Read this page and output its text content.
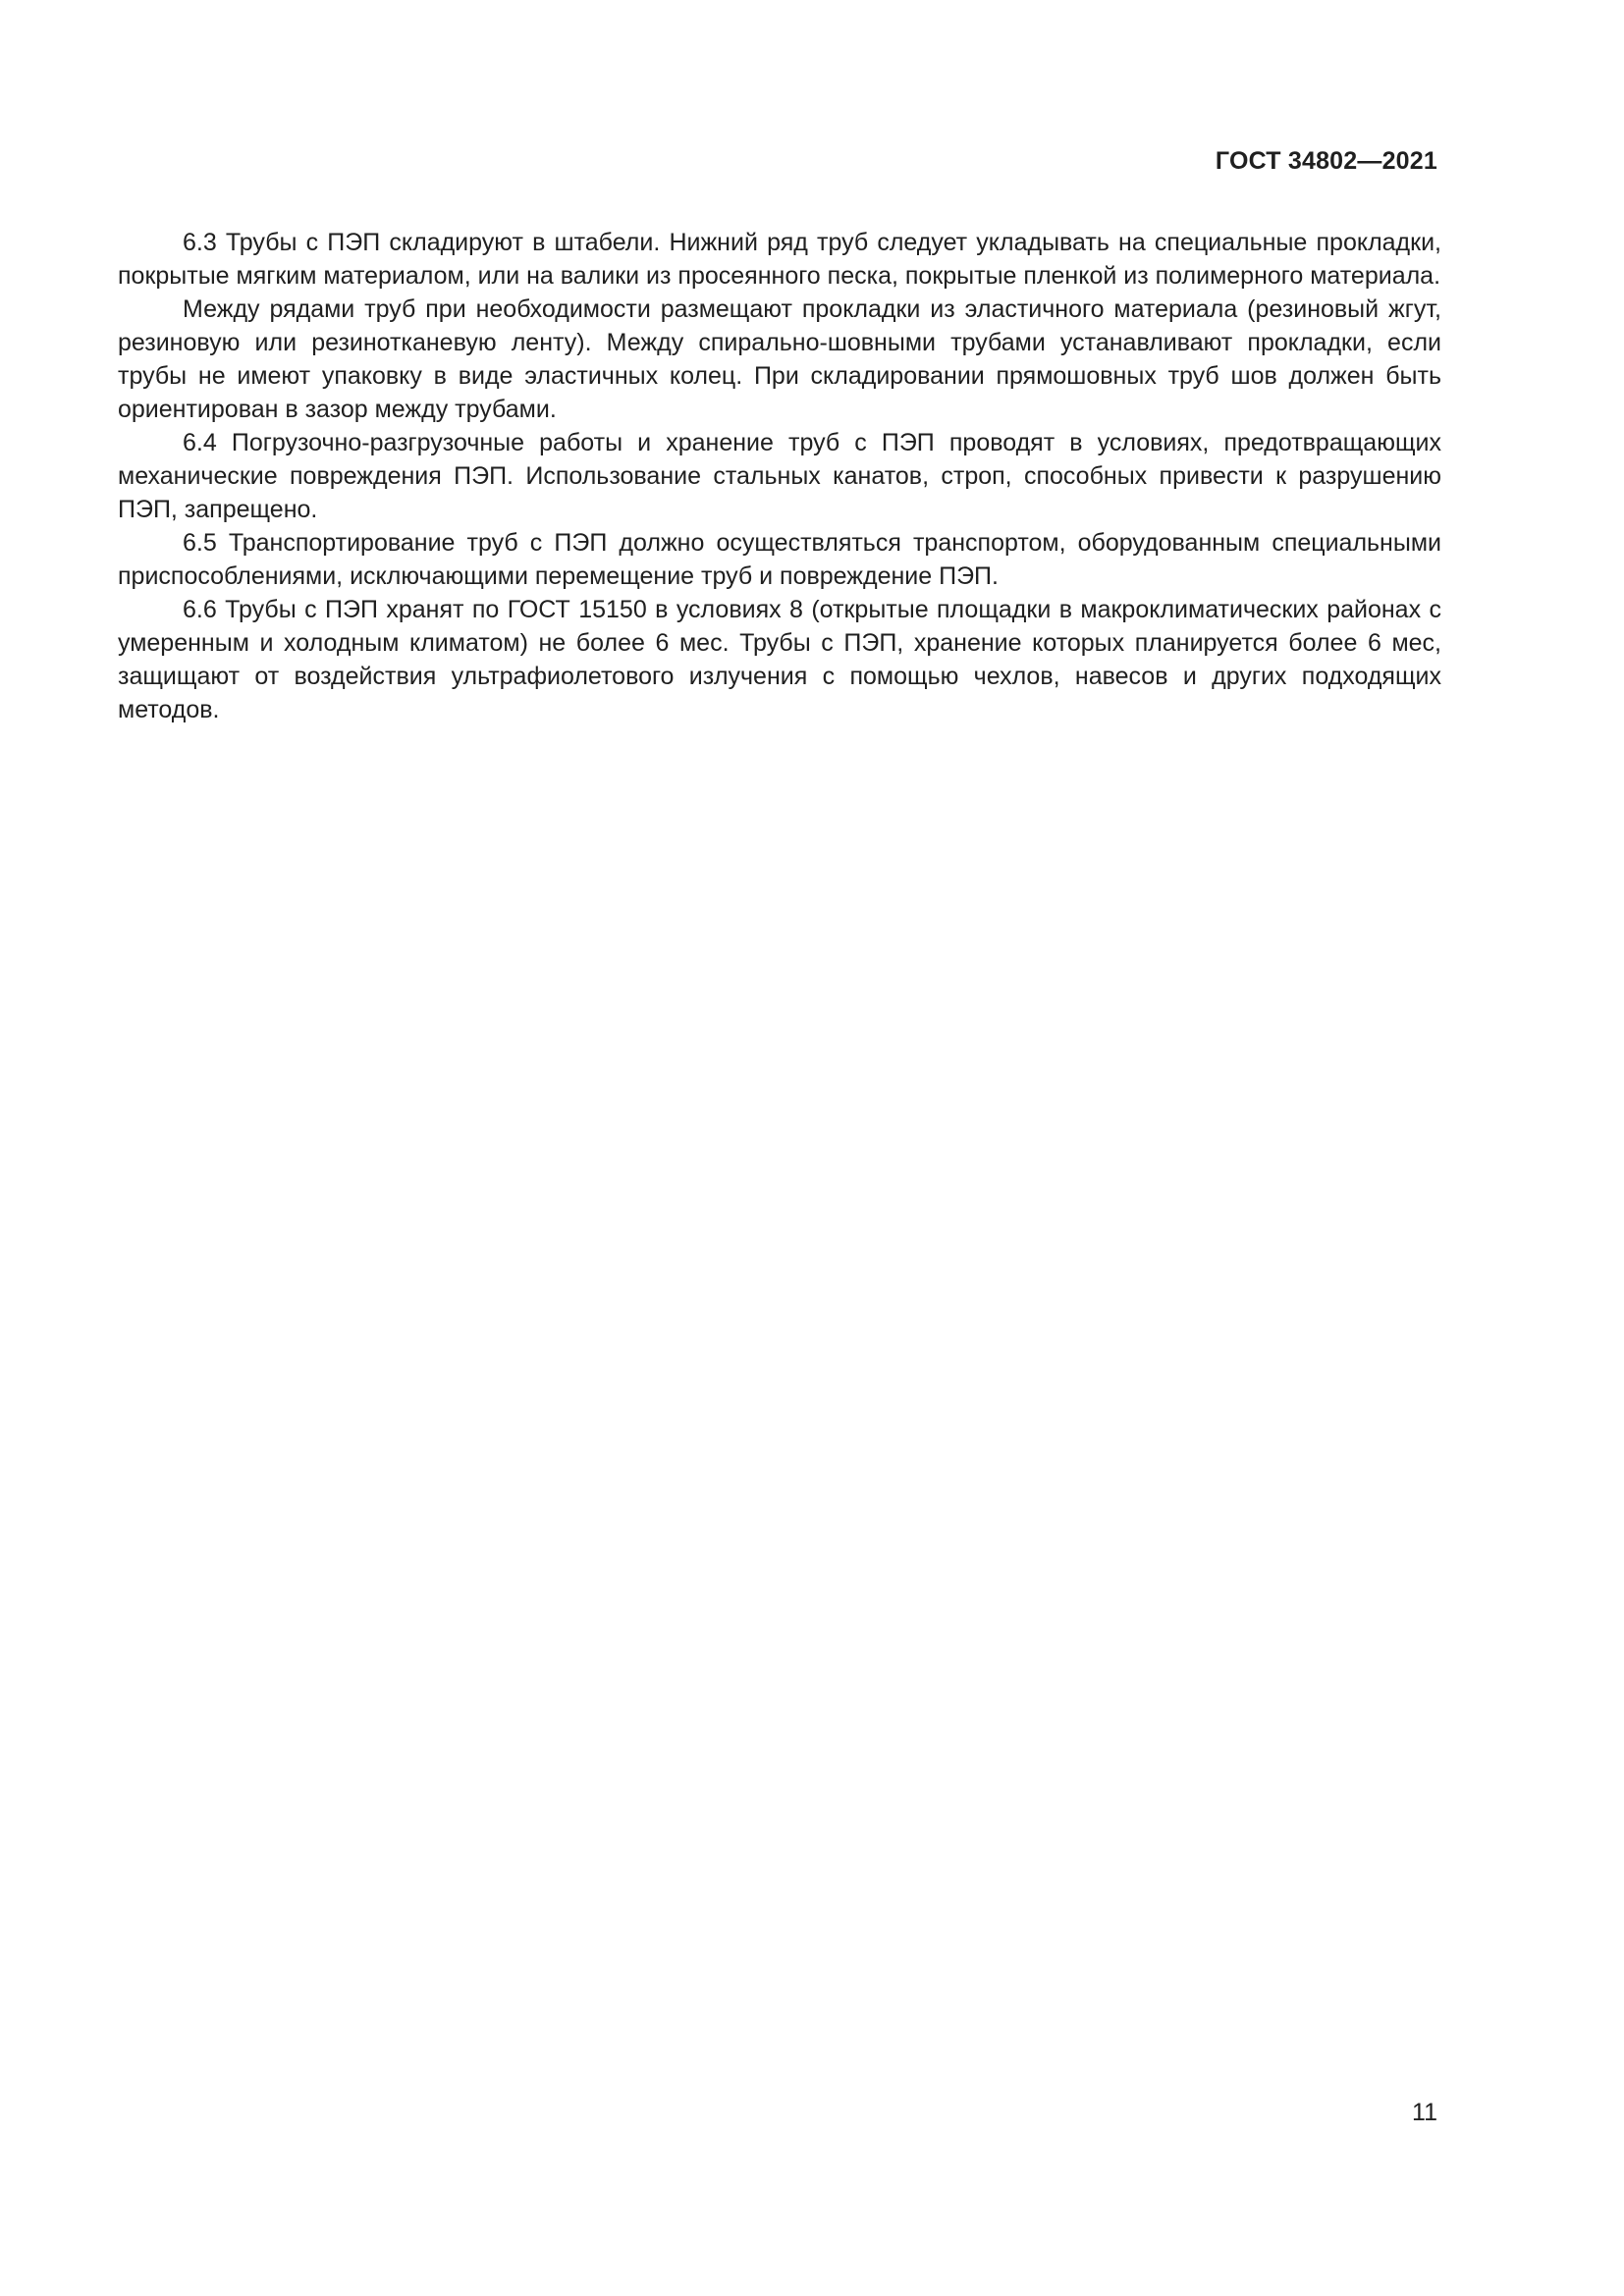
ГОСТ 34802—2021

6.3 Трубы с ПЭП складируют в штабели. Нижний ряд труб следует укладывать на специальные прокладки, покрытые мягким материалом, или на валики из просеянного песка, покрытые пленкой из полимерного материала.

Между рядами труб при необходимости размещают прокладки из эластичного материала (резиновый жгут, резиновую или резинотканевую ленту). Между спирально-шовными трубами устанавливают прокладки, если трубы не имеют упаковку в виде эластичных колец. При складировании прямошовных труб шов должен быть ориентирован в зазор между трубами.

6.4 Погрузочно-разгрузочные работы и хранение труб с ПЭП проводят в условиях, предотвращающих механические повреждения ПЭП. Использование стальных канатов, строп, способных привести к разрушению ПЭП, запрещено.

6.5 Транспортирование труб с ПЭП должно осуществляться транспортом, оборудованным специальными приспособлениями, исключающими перемещение труб и повреждение ПЭП.

6.6 Трубы с ПЭП хранят по ГОСТ 15150 в условиях 8 (открытые площадки в макроклиматических районах с умеренным и холодным климатом) не более 6 мес. Трубы с ПЭП, хранение которых планируется более 6 мес, защищают от воздействия ультрафиолетового излучения с помощью чехлов, навесов и других подходящих методов.

11
